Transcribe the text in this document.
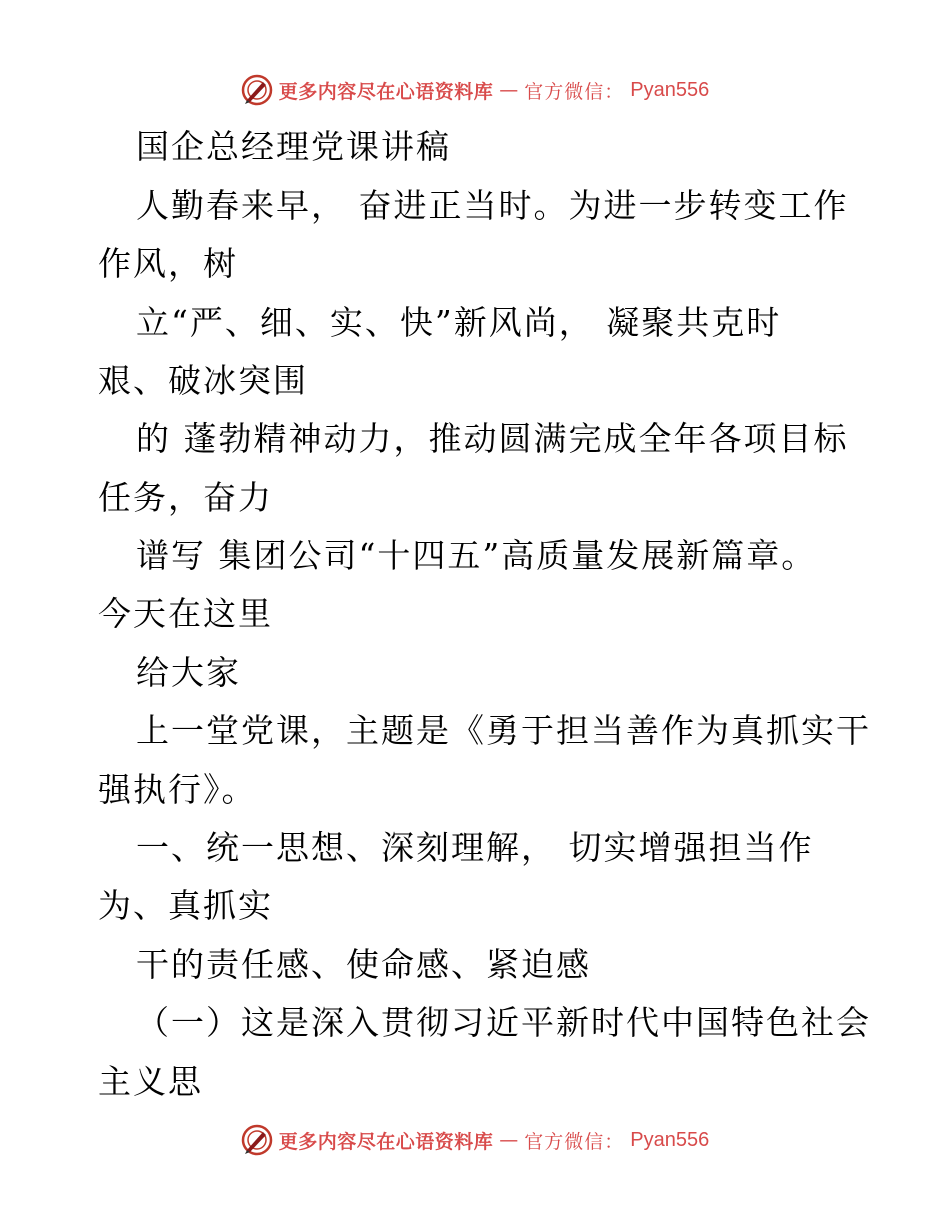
更多内容尽在心语资料库 — 官方微信： Pyan556
国企总经理党课讲稿
人勤春来早， 奋进正当时。为进一步转变工作
作风，树
立“严、细、实、快”新风尚， 凝聚共克时
艰、破冰突围
的 蓬勃精神动力，推动圆满完成全年各项目标
任务，奋力
谱写 集团公司“十四五”高质量发展新篇章。
今天在这里
给大家
上一堂党课，主题是《勇于担当善作为真抓实干
强执行》。
一、统一思想、深刻理解， 切实增强担当作
为、真抓实
干的责任感、使命感、紧迫感
（一）这是深入贯彻习近平新时代中国特色社会
主义思
更多内容尽在心语资料库 — 官方微信： Pyan556
